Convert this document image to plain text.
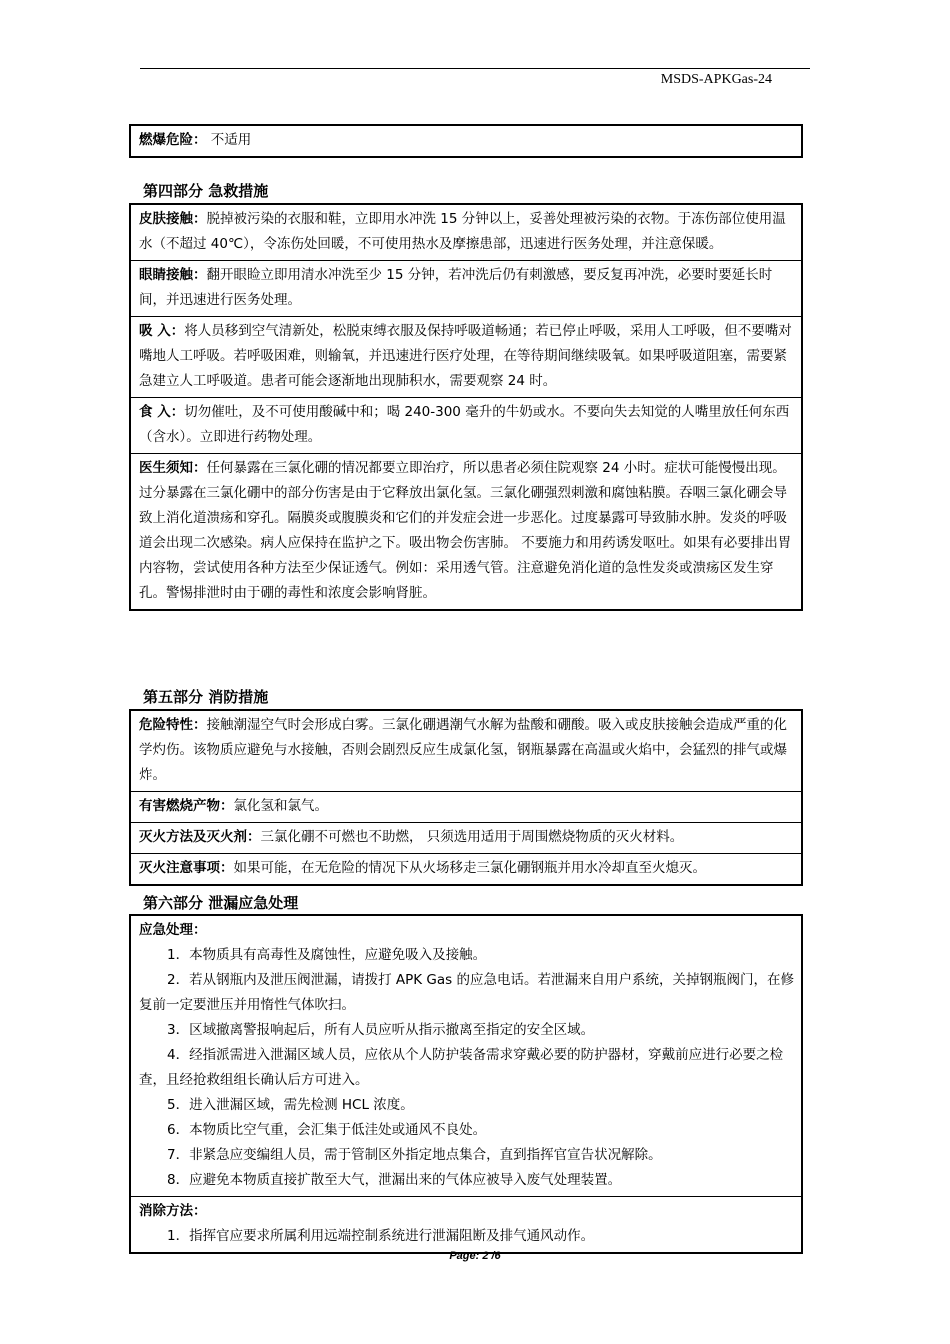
MSDS-APKGas-24
燃爆危险： 不适用
第四部分 急救措施
皮肤接触：脱掉被污染的衣服和鞋，立即用水冲洗 15 分钟以上，妥善处理被污染的衣物。于冻伤部位使用温水（不超过 40℃），令冻伤处回暖，不可使用热水及摩擦患部，迅速进行医务处理，并注意保暖。
眼睛接触：翻开眼睑立即用清水冲洗至少 15 分钟，若冲洗后仍有刺激感，要反复再冲洗，必要时要延长时间，并迅速进行医务处理。
吸 入：将人员移到空气清新处，松脱束缚衣服及保持呼吸道畅通；若已停止呼吸，采用人工呼吸，但不要嘴对嘴地人工呼吸。若呼吸困难，则输氧，并迅速进行医疗处理，在等待期间继续吸氧。如果呼吸道阻塞，需要紧急建立人工呼吸道。患者可能会逐渐地出现肺积水，需要观察 24 时。
食 入：切勿催吐，及不可使用酸碱中和；喝 240-300 毫升的牛奶或水。不要向失去知觉的人嘴里放任何东西（含水）。立即进行药物处理。
医生须知：任何暴露在三氯化硼的情况都要立即治疗，所以患者必须住院观察 24 小时。症状可能慢慢出现。过分暴露在三氯化硼中的部分伤害是由于它释放出氯化氢。三氯化硼强烈刺激和腐蚀粘膜。吞咽三氯化硼会导致上消化道溃疡和穿孔。隔膜炎或腹膜炎和它们的并发症会进一步恶化。过度暴露可导致肺水肿。发炎的呼吸道会出现二次感染。病人应保持在监护之下。吸出物会伤害肺。 不要施力和用药诱发呕吐。如果有必要排出胃内容物，尝试使用各种方法至少保证透气。例如：采用透气管。注意避免消化道的急性发炎或溃疡区发生穿孔。警惕排泄时由于硼的毒性和浓度会影响肾脏。
第五部分 消防措施
危险特性：接触潮湿空气时会形成白雾。三氯化硼遇潮气水解为盐酸和硼酸。吸入或皮肤接触会造成严重的化学灼伤。该物质应避免与水接触，否则会剧烈反应生成氯化氢，钢瓶暴露在高温或火焰中，会猛烈的排气或爆炸。
有害燃烧产物：氯化氢和氯气。
灭火方法及灭火剂：三氯化硼不可燃也不助燃， 只须选用适用于周围燃烧物质的灭火材料。
灭火注意事项：如果可能，在无危险的情况下从火场移走三氯化硼钢瓶并用水冷却直至火熄灭。
第六部分 泄漏应急处理
应急处理：
1．本物质具有高毒性及腐蚀性，应避免吸入及接触。
2．若从钢瓶内及泄压阀泄漏，请拨打 APK Gas 的应急电话。若泄漏来自用户系统，关掉钢瓶阀门，在修复前一定要泄压并用惰性气体吹扫。
3．区域撤离警报响起后，所有人员应听从指示撤离至指定的安全区域。
4．经指派需进入泄漏区域人员，应依从个人防护装备需求穿戴必要的防护器材，穿戴前应进行必要之检查，且经抢救组组长确认后方可进入。
5．进入泄漏区域，需先检测 HCL 浓度。
6．本物质比空气重，会汇集于低洼处或通风不良处。
7．非紧急应变编组人员，需于管制区外指定地点集合，直到指挥官宣告状况解除。
8．应避免本物质直接扩散至大气，泄漏出来的气体应被导入废气处理装置。
消除方法：
1．指挥官应要求所属利用远端控制系统进行泄漏阻断及排气通风动作。
Page: 2 /6
